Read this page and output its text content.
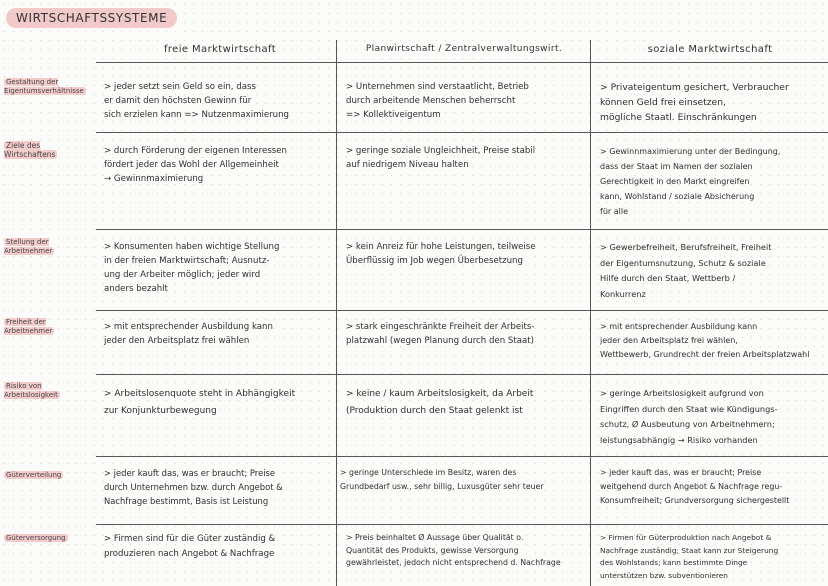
WIRTSCHAFTSSYSTEME
freie Marktwirtschaft	Planwirtschaft / Zentralverwaltungswirt.	soziale Marktwirtschaft
Gestaltung der Eigentumsverhältnisse
Ziele des Wirtschaftens
Stellung der Arbeitnehmer
Freiheit der Arbeitnehmer
Risiko von Arbeitslosigkeit
Güterverteilung
Güterversorgung
> jeder setzt sein Geld so ein, dass
er damit den höchsten Gewinn für
sich erzielen kann => Nutzenmaximierung
> Unternehmen sind verstaatlicht, Betrieb
durch arbeitende Menschen beherrscht
=> Kollektiveigentum
> Privateigentum gesichert, Verbraucher
können Geld frei einsetzen,
mögliche Staatl. Einschränkungen
> durch Förderung der eigenen Interessen
fördert jeder das Wohl der Allgemeinheit
→ Gewinnmaximierung
> geringe soziale Ungleichheit, Preise stabil
auf niedrigem Niveau halten
> Gewinnmaximierung unter der Bedingung,
dass der Staat im Namen der sozialen
Gerechtigkeit in den Markt eingreifen
kann, Wohlstand / soziale Absicherung
für alle
> Konsumenten haben wichtige Stellung
in der freien Marktwirtschaft; Ausnutz-
ung der Arbeiter möglich; jeder wird
anders bezahlt
> kein Anreiz für hohe Leistungen, teilweise
Überflüssig im Job wegen Überbesetzung
> Gewerbefreiheit, Berufsfreiheit, Freiheit
der Eigentumsnutzung, Schutz & soziale
Hilfe durch den Staat, Wettberb /
Konkurrenz
> mit entsprechender Ausbildung kann
jeder den Arbeitsplatz frei wählen
> stark eingeschränkte Freiheit der Arbeits-
platzwahl (wegen Planung durch den Staat)
> mit entsprechender Ausbildung kann
jeder den Arbeitsplatz frei wählen,
Wettbewerb, Grundrecht der freien Arbeitsplatzwahl
> Arbeitslosenquote steht in Abhängigkeit
zur Konjunkturbewegung
> keine / kaum Arbeitslosigkeit, da Arbeit
(Produktion durch den Staat gelenkt ist
> geringe Arbeitslosigkeit aufgrund von
Eingriffen durch den Staat wie Kündigungs-
schutz, Ø Ausbeutung von Arbeitnehmern;
leistungsabhängig → Risiko vorhanden
> jeder kauft das, was er braucht; Preise
durch Unternehmen bzw. durch Angebot &
Nachfrage bestimmt, Basis ist Leistung
> geringe Unterschiede im Besitz, waren des
Grundbedarf usw., sehr billig, Luxusgüter sehr teuer
> jeder kauft das, was er braucht; Preise
weitgehend durch Angebot & Nachfrage regu-
Konsumfreiheit; Grundversorgung sichergestellt
> Firmen sind für die Güter zuständig &
produzieren nach Angebot & Nachfrage
> Preis beinhaltet Ø Aussage über Qualität o.
Quantität des Produkts, gewisse Versorgung
gewährleistet, jedoch nicht entsprechend d. Nachfrage
> Firmen für Güterproduktion nach Angebot &
Nachfrage zuständig; Staat kann zur Steigerung
des Wohlstands; kann bestimmte Dinge
unterstützen bzw. subventionieren
